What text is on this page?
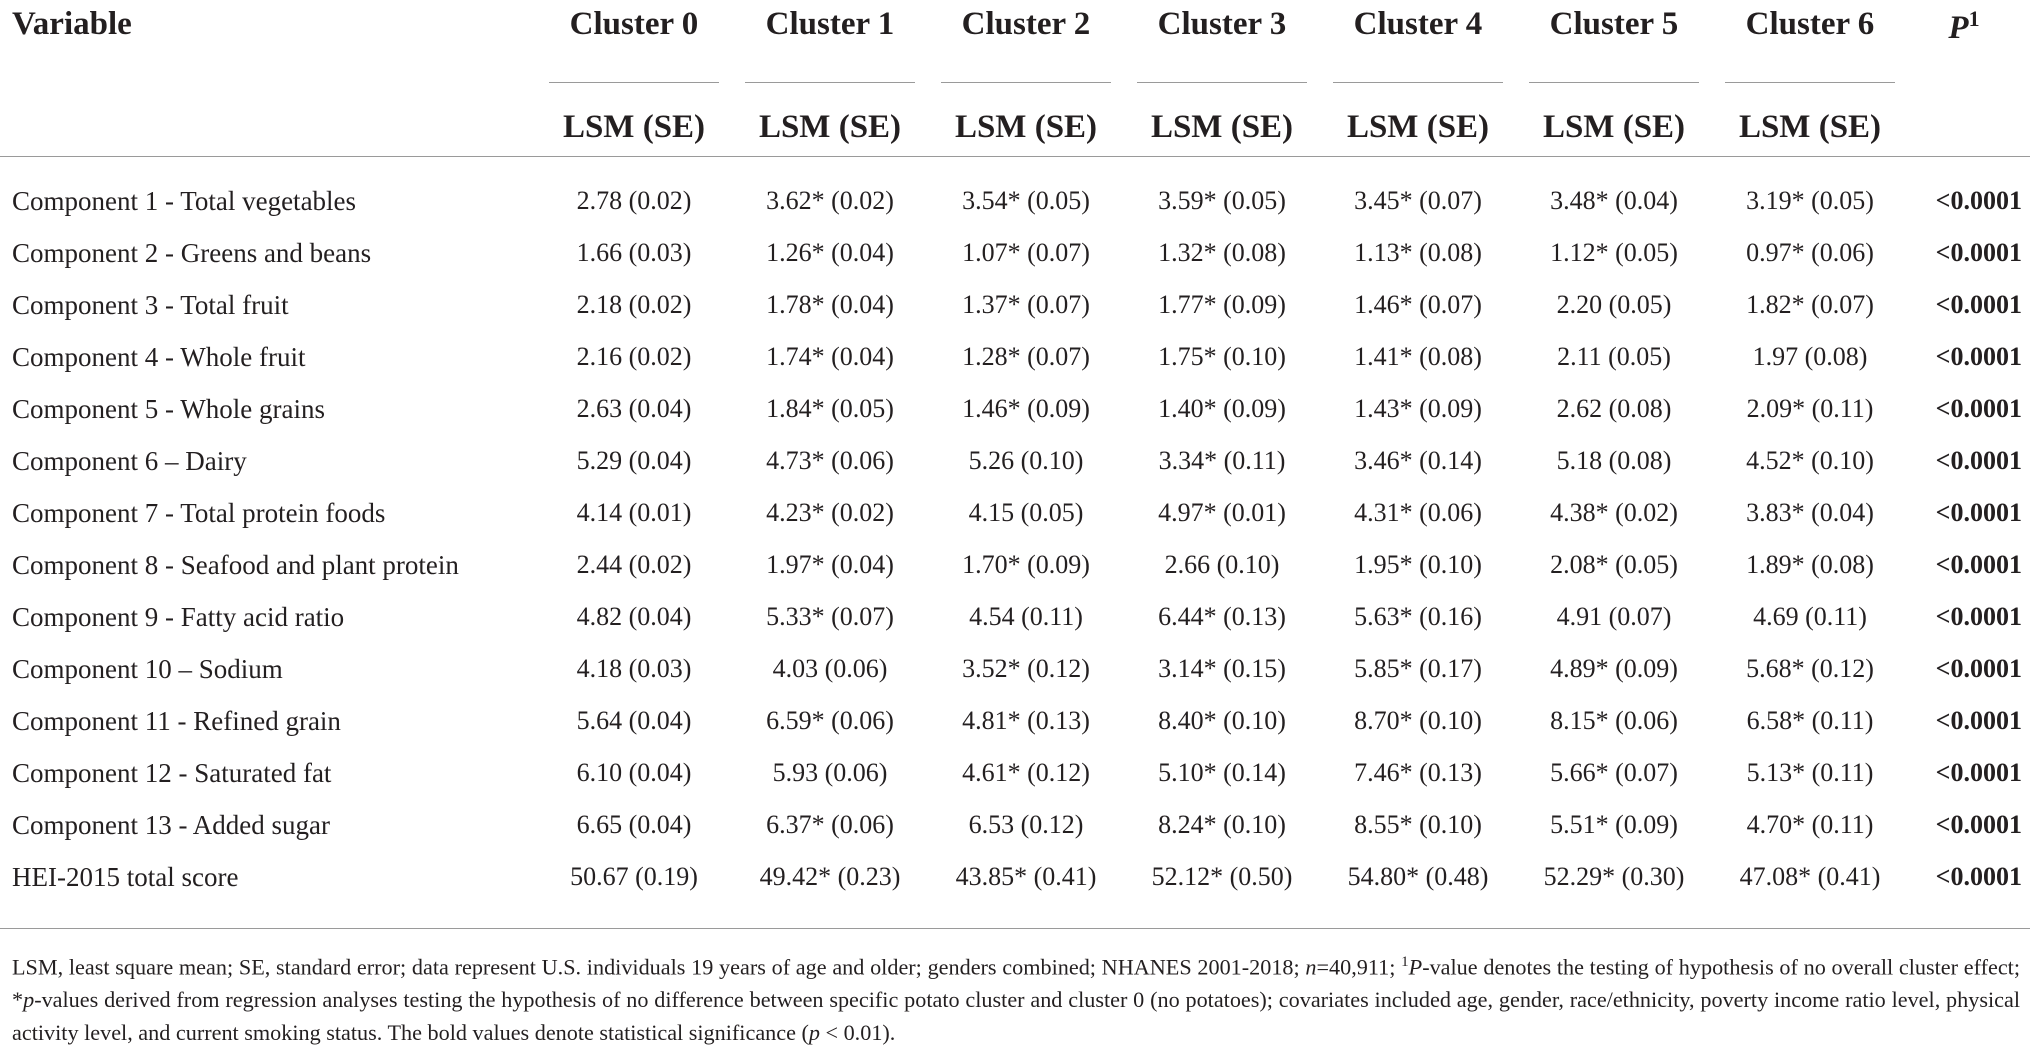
Variable	Cluster 0	Cluster 1	Cluster 2	Cluster 3	Cluster 4	Cluster 5	Cluster 6	$P^1$

	LSM (SE)	LSM (SE)	LSM (SE)	LSM (SE)	LSM (SE)	LSM (SE)	LSM (SE)	

Component 1 - Total vegetables	2.78 (0.02)	3.62* (0.02)	3.54* (0.05)	3.59* (0.05)	3.45* (0.07)	3.48* (0.04)	3.19* (0.05)	<0.0001
Component 2 - Greens and beans	1.66 (0.03)	1.26* (0.04)	1.07* (0.07)	1.32* (0.08)	1.13* (0.08)	1.12* (0.05)	0.97* (0.06)	<0.0001
Component 3 - Total fruit	2.18 (0.02)	1.78* (0.04)	1.37* (0.07)	1.77* (0.09)	1.46* (0.07)	2.20 (0.05)	1.82* (0.07)	<0.0001
Component 4 - Whole fruit	2.16 (0.02)	1.74* (0.04)	1.28* (0.07)	1.75* (0.10)	1.41* (0.08)	2.11 (0.05)	1.97 (0.08)	<0.0001
Component 5 - Whole grains	2.63 (0.04)	1.84* (0.05)	1.46* (0.09)	1.40* (0.09)	1.43* (0.09)	2.62 (0.08)	2.09* (0.11)	<0.0001
Component 6 – Dairy	5.29 (0.04)	4.73* (0.06)	5.26 (0.10)	3.34* (0.11)	3.46* (0.14)	5.18 (0.08)	4.52* (0.10)	<0.0001
Component 7 - Total protein foods	4.14 (0.01)	4.23* (0.02)	4.15 (0.05)	4.97* (0.01)	4.31* (0.06)	4.38* (0.02)	3.83* (0.04)	<0.0001
Component 8 - Seafood and plant protein	2.44 (0.02)	1.97* (0.04)	1.70* (0.09)	2.66 (0.10)	1.95* (0.10)	2.08* (0.05)	1.89* (0.08)	<0.0001
Component 9 - Fatty acid ratio	4.82 (0.04)	5.33* (0.07)	4.54 (0.11)	6.44* (0.13)	5.63* (0.16)	4.91 (0.07)	4.69 (0.11)	<0.0001
Component 10 – Sodium	4.18 (0.03)	4.03 (0.06)	3.52* (0.12)	3.14* (0.15)	5.85* (0.17)	4.89* (0.09)	5.68* (0.12)	<0.0001
Component 11 - Refined grain	5.64 (0.04)	6.59* (0.06)	4.81* (0.13)	8.40* (0.10)	8.70* (0.10)	8.15* (0.06)	6.58* (0.11)	<0.0001
Component 12 - Saturated fat	6.10 (0.04)	5.93 (0.06)	4.61* (0.12)	5.10* (0.14)	7.46* (0.13)	5.66* (0.07)	5.13* (0.11)	<0.0001
Component 13 - Added sugar	6.65 (0.04)	6.37* (0.06)	6.53 (0.12)	8.24* (0.10)	8.55* (0.10)	5.51* (0.09)	4.70* (0.11)	<0.0001
HEI-2015 total score	50.67 (0.19)	49.42* (0.23)	43.85* (0.41)	52.12* (0.50)	54.80* (0.48)	52.29* (0.30)	47.08* (0.41)	<0.0001

LSM, least square mean; SE, standard error; data represent U.S. individuals 19 years of age and older; genders combined; NHANES 2001-2018; n=40,911; $^1$P-value denotes the testing of hypothesis of no overall cluster effect; *p-values derived from regression analyses testing the hypothesis of no difference between specific potato cluster and cluster 0 (no potatoes); covariates included age, gender, race/ethnicity, poverty income ratio level, physical activity level, and current smoking status. The bold values denote statistical significance (p < 0.01).
